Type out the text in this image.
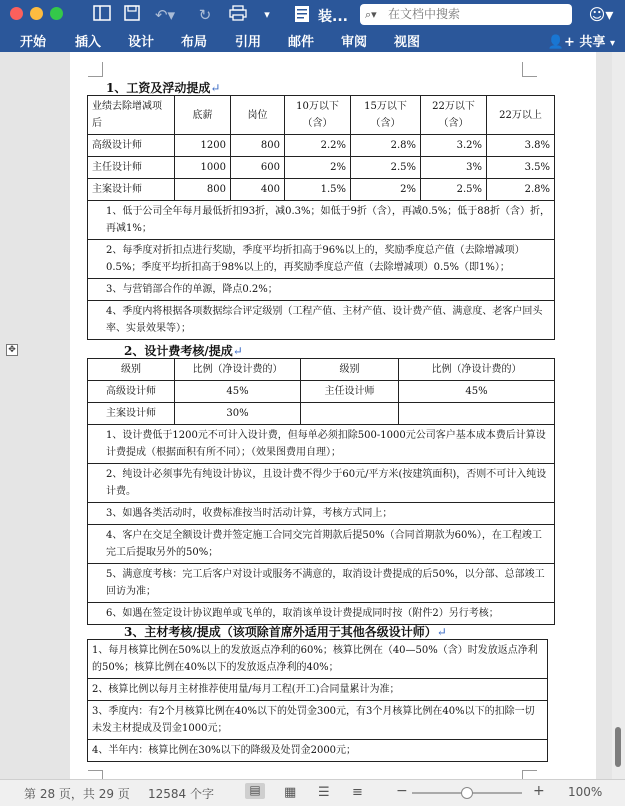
↶▾ ↻	▾	装... ⌕▾ 在文档中搜索	☺▾
开始 插入 设计 布局 引用 邮件 审阅 视图	👤+ 共享 ▾
1、工资及浮动提成↵
业绩去除增减项后	底薪	岗位	10万以下（含）	15万以下（含）	22万以下（含）	22万以上
高级设计师	1200	800	2.2%	2.8%	3.2%	3.8%
主任设计师	1000	600	2%	2.5%	3%	3.5%
主案设计师	800	400	1.5%	2%	2.5%	2.8%
1、低于公司全年每月最低折扣93折，减0.3%；如低于9折（含），再减0.5%；低于88折（含）折，再减1%；						
2、每季度对折扣点进行奖励，季度平均折扣高于96%以上的，奖励季度总产值（去除增减项）0.5%；季度平均折扣高于98%以上的，再奖励季度总产值（去除增减项）0.5%（即1%）；						
3、与营销部合作的单源，降点0.2%；						
4、季度内将根据各项数据综合评定级别（工程产值、主材产值、设计费产值、满意度、老客户回头率、实景效果等）；						
✥	2、设计费考核/提成↵
级别	比例（净设计费的）	级别	比例（净设计费的）
高级设计师	45%	主任设计师	45%
主案设计师	30%		
1、设计费低于1200元不可计入设计费，但每单必须扣除500-1000元公司客户基本成本费后计算设计费提成（根据面积有所不同）；（效果图费用自理）；			
2、纯设计必须事先有纯设计协议，且设计费不得少于60元/平方米(按建筑面积)，否则不可计入纯设计费。			
3、如遇各类活动时，收费标准按当时活动计算，考核方式同上；			
4、客户在交足全额设计费并签定施工合同交完首期款后提50%（合同首期款为60%），在工程竣工完工后提取另外的50%；			
5、满意度考核：完工后客户对设计或服务不满意的，取消设计费提成的后50%，以分部、总部竣工回访为准；			
6、如遇在签定设计协议跑单或飞单的，取消该单设计费提成同时按（附件2）另行考核；			
3、主材考核/提成（该项除首席外适用于其他各级设计师）↵
1、每月核算比例在50%以上的发放返点净利的60%；核算比例在（40—50%（含）时发放返点净利的50%；核算比例在40%以下的发放返点净利的40%；
2、核算比例以每月主材推荐使用量/每月工程(开工)合同量累计为准；
3、季度内：有2个月核算比例在40%以下的处罚金300元，有3个月核算比例在40%以下的扣除一切未发主材提成及罚金1000元；
4、半年内：核算比例在30%以下的降级及处罚金2000元；
第 28 页，共 29 页 12584 个字	▤	▦ ☰ ≡ −	+ 100%
